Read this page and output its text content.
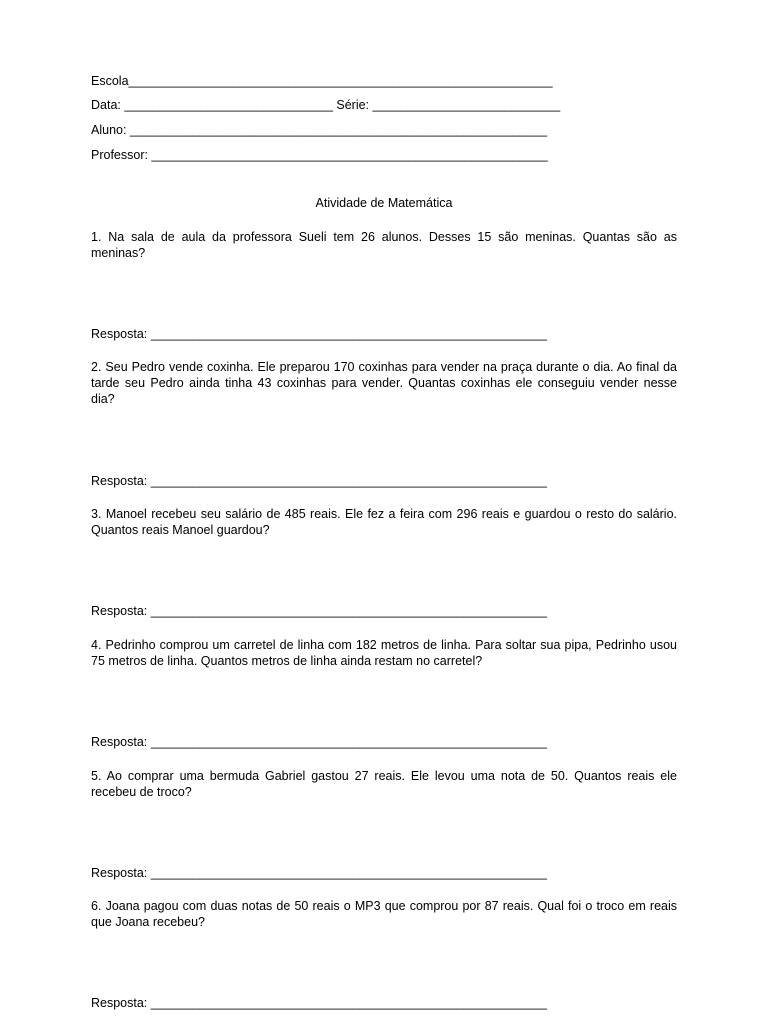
Escola_____________________________________________________________
Data: ______________________________ Série: ___________________________
Aluno: ____________________________________________________________
Professor: _________________________________________________________
Atividade de Matemática
1. Na sala de aula da professora Sueli tem 26 alunos. Desses 15 são meninas. Quantas são as meninas?
Resposta: _________________________________________________________
2. Seu Pedro vende coxinha. Ele preparou 170 coxinhas para vender na praça durante o dia. Ao final da tarde seu Pedro ainda tinha 43 coxinhas para vender. Quantas coxinhas ele conseguiu vender nesse dia?
Resposta: _________________________________________________________
3. Manoel recebeu seu salário de 485 reais. Ele fez a feira com 296 reais e guardou o resto do salário. Quantos reais Manoel guardou?
Resposta: _________________________________________________________
4. Pedrinho comprou um carretel de linha com 182 metros de linha. Para soltar sua pipa, Pedrinho usou 75 metros de linha. Quantos metros de linha ainda restam no carretel?
Resposta: _________________________________________________________
5. Ao comprar uma bermuda Gabriel gastou 27 reais. Ele levou uma nota de 50. Quantos reais ele recebeu de troco?
Resposta: _________________________________________________________
6. Joana pagou com duas notas de 50 reais o MP3 que comprou por 87 reais. Qual foi o troco em reais que Joana recebeu?
Resposta: _________________________________________________________
